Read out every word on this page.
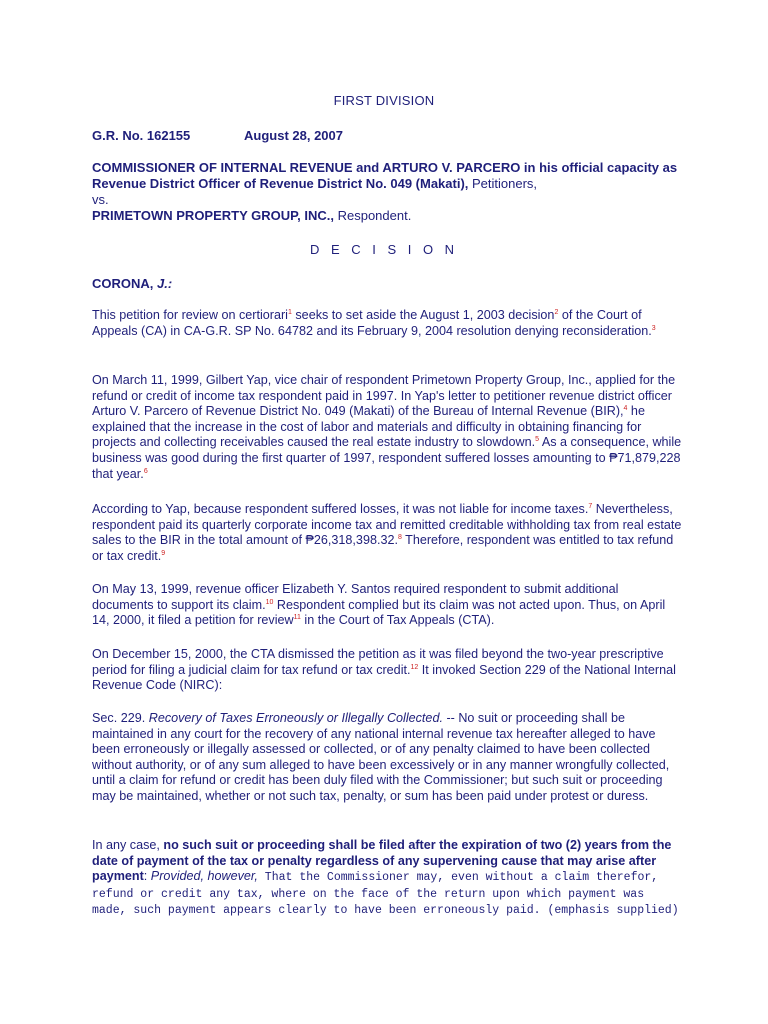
FIRST DIVISION
G.R. No. 162155	August 28, 2007
COMMISSIONER OF INTERNAL REVENUE and ARTURO V. PARCERO in his official capacity as Revenue District Officer of Revenue District No. 049 (Makati), Petitioners,
vs.
PRIMETOWN PROPERTY GROUP, INC., Respondent.
D E C I S I O N
CORONA, J.:
This petition for review on certiorari$^1$ seeks to set aside the August 1, 2003 decision$^2$ of the Court of Appeals (CA) in CA-G.R. SP No. 64782 and its February 9, 2004 resolution denying reconsideration.$^3$
On March 11, 1999, Gilbert Yap, vice chair of respondent Primetown Property Group, Inc., applied for the refund or credit of income tax respondent paid in 1997. In Yap's letter to petitioner revenue district officer Arturo V. Parcero of Revenue District No. 049 (Makati) of the Bureau of Internal Revenue (BIR),$^4$ he explained that the increase in the cost of labor and materials and difficulty in obtaining financing for projects and collecting receivables caused the real estate industry to slowdown.$^5$ As a consequence, while business was good during the first quarter of 1997, respondent suffered losses amounting to ₱71,879,228 that year.$^6$
According to Yap, because respondent suffered losses, it was not liable for income taxes.$^7$ Nevertheless, respondent paid its quarterly corporate income tax and remitted creditable withholding tax from real estate sales to the BIR in the total amount of ₱26,318,398.32.$^8$ Therefore, respondent was entitled to tax refund or tax credit.$^9$
On May 13, 1999, revenue officer Elizabeth Y. Santos required respondent to submit additional documents to support its claim.$^{10}$ Respondent complied but its claim was not acted upon. Thus, on April 14, 2000, it filed a petition for review$^{11}$ in the Court of Tax Appeals (CTA).
On December 15, 2000, the CTA dismissed the petition as it was filed beyond the two-year prescriptive period for filing a judicial claim for tax refund or tax credit.$^{12}$ It invoked Section 229 of the National Internal Revenue Code (NIRC):
Sec. 229. Recovery of Taxes Erroneously or Illegally Collected. -- No suit or proceeding shall be maintained in any court for the recovery of any national internal revenue tax hereafter alleged to have been erroneously or illegally assessed or collected, or of any penalty claimed to have been collected without authority, or of any sum alleged to have been excessively or in any manner wrongfully collected, until a claim for refund or credit has been duly filed with the Commissioner; but such suit or proceeding may be maintained, whether or not such tax, penalty, or sum has been paid under protest or duress.
In any case, no such suit or proceeding shall be filed after the expiration of two (2) years from the date of payment of the tax or penalty regardless of any supervening cause that may arise after payment: Provided, however, That the Commissioner may, even without a claim therefor, refund or credit any tax, where on the face of the return upon which payment was made, such payment appears clearly to have been erroneously paid. (emphasis supplied)
